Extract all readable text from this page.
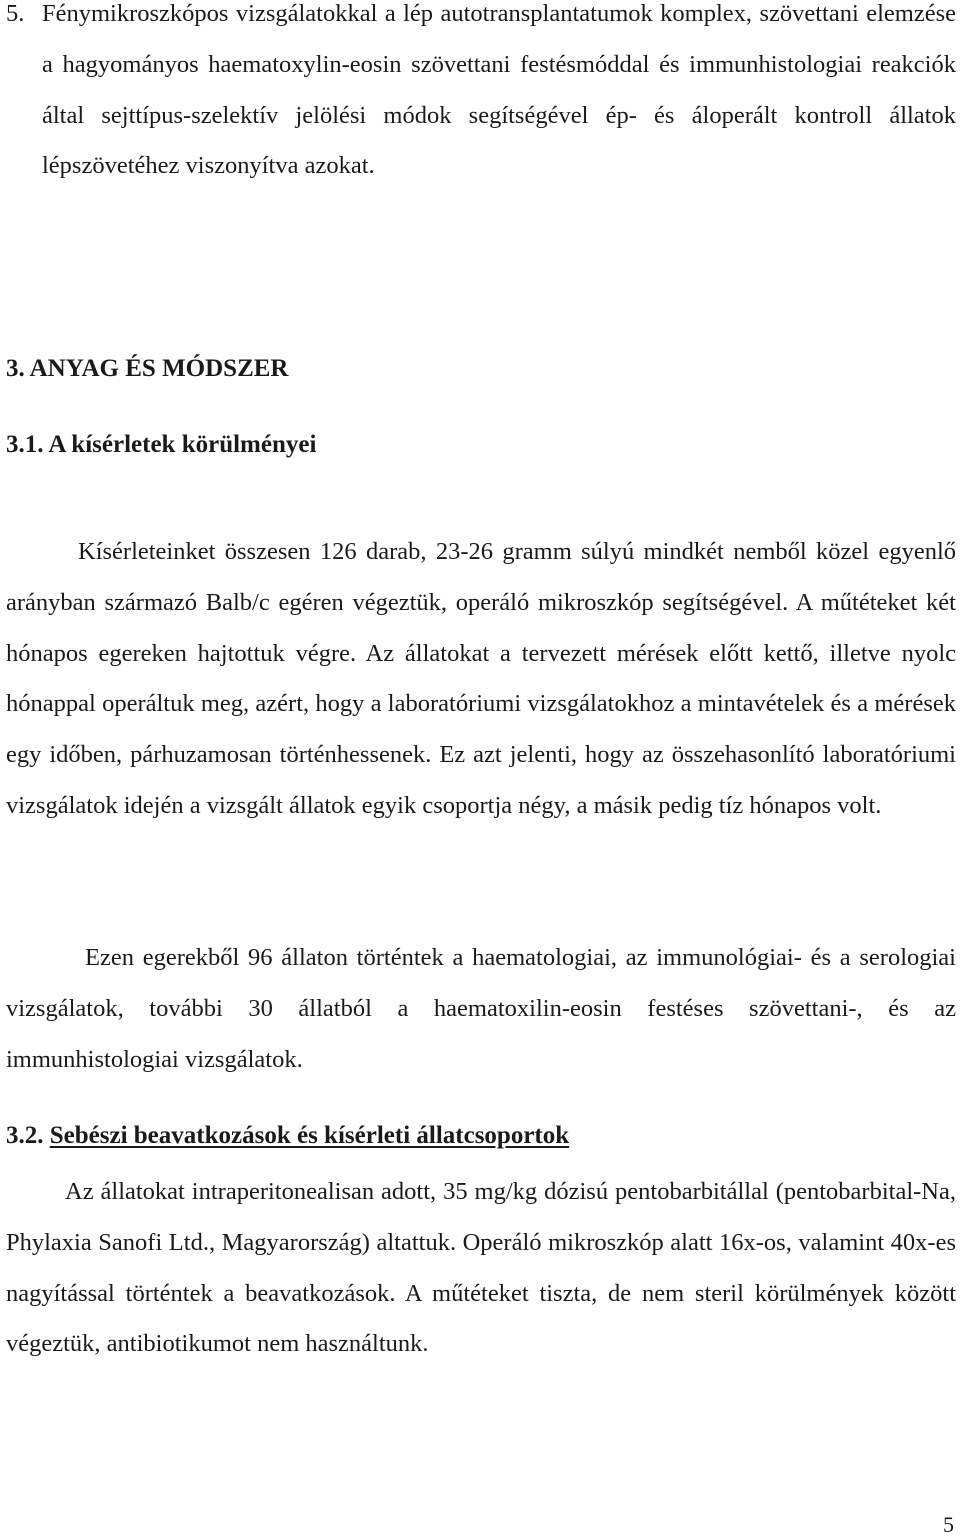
5. Fénymikroszkópos vizsgálatokkal a lép autotransplantatumok komplex, szövettani elemzése a hagyományos haematoxylin-eosin szövettani festésmóddal és immunhistologiai reakciók által sejttípus-szelektív jelölési módok segítségével ép- és áloperált kontroll állatok lépszövetéhez viszonyítva azokat.
3. ANYAG ÉS MÓDSZER
3.1. A kísérletek körülményei

Kísérleteinket összesen 126 darab, 23-26 gramm súlyú mindkét nemből közel egyenlő arányban származó Balb/c egéren végeztük, operáló mikroszkóp segítségével. A műtéteket két hónapos egereken hajtottuk végre. Az állatokat a tervezett mérések előtt kettő, illetve nyolc hónappal operáltuk meg, azért, hogy a laboratóriumi vizsgálatokhoz a mintavételek és a mérések egy időben, párhuzamosan történhessenek. Ez azt jelenti, hogy az összehasonlító laboratóriumi vizsgálatok idején a vizsgált állatok egyik csoportja négy, a másik pedig tíz hónapos volt.

Ezen egerekből 96 állaton történtek a haematologiai, az immunológiai- és a serologiai vizsgálatok, további 30 állatból a haematoxilin-eosin festéses szövettani-, és az immunhistologiai vizsgálatok.

3.2. Sebészi beavatkozások és kísérleti állatcsoportok

Az állatokat intraperitonealisan adott, 35 mg/kg dózisú pentobarbitállal (pentobarbital-Na, Phylaxia Sanofi Ltd., Magyarország) altattuk. Operáló mikroszkóp alatt 16x-os, valamint 40x-es nagyítással történtek a beavatkozások. A műtéteket tiszta, de nem steril körülmények között végeztük, antibiotikumot nem használtunk.

5
